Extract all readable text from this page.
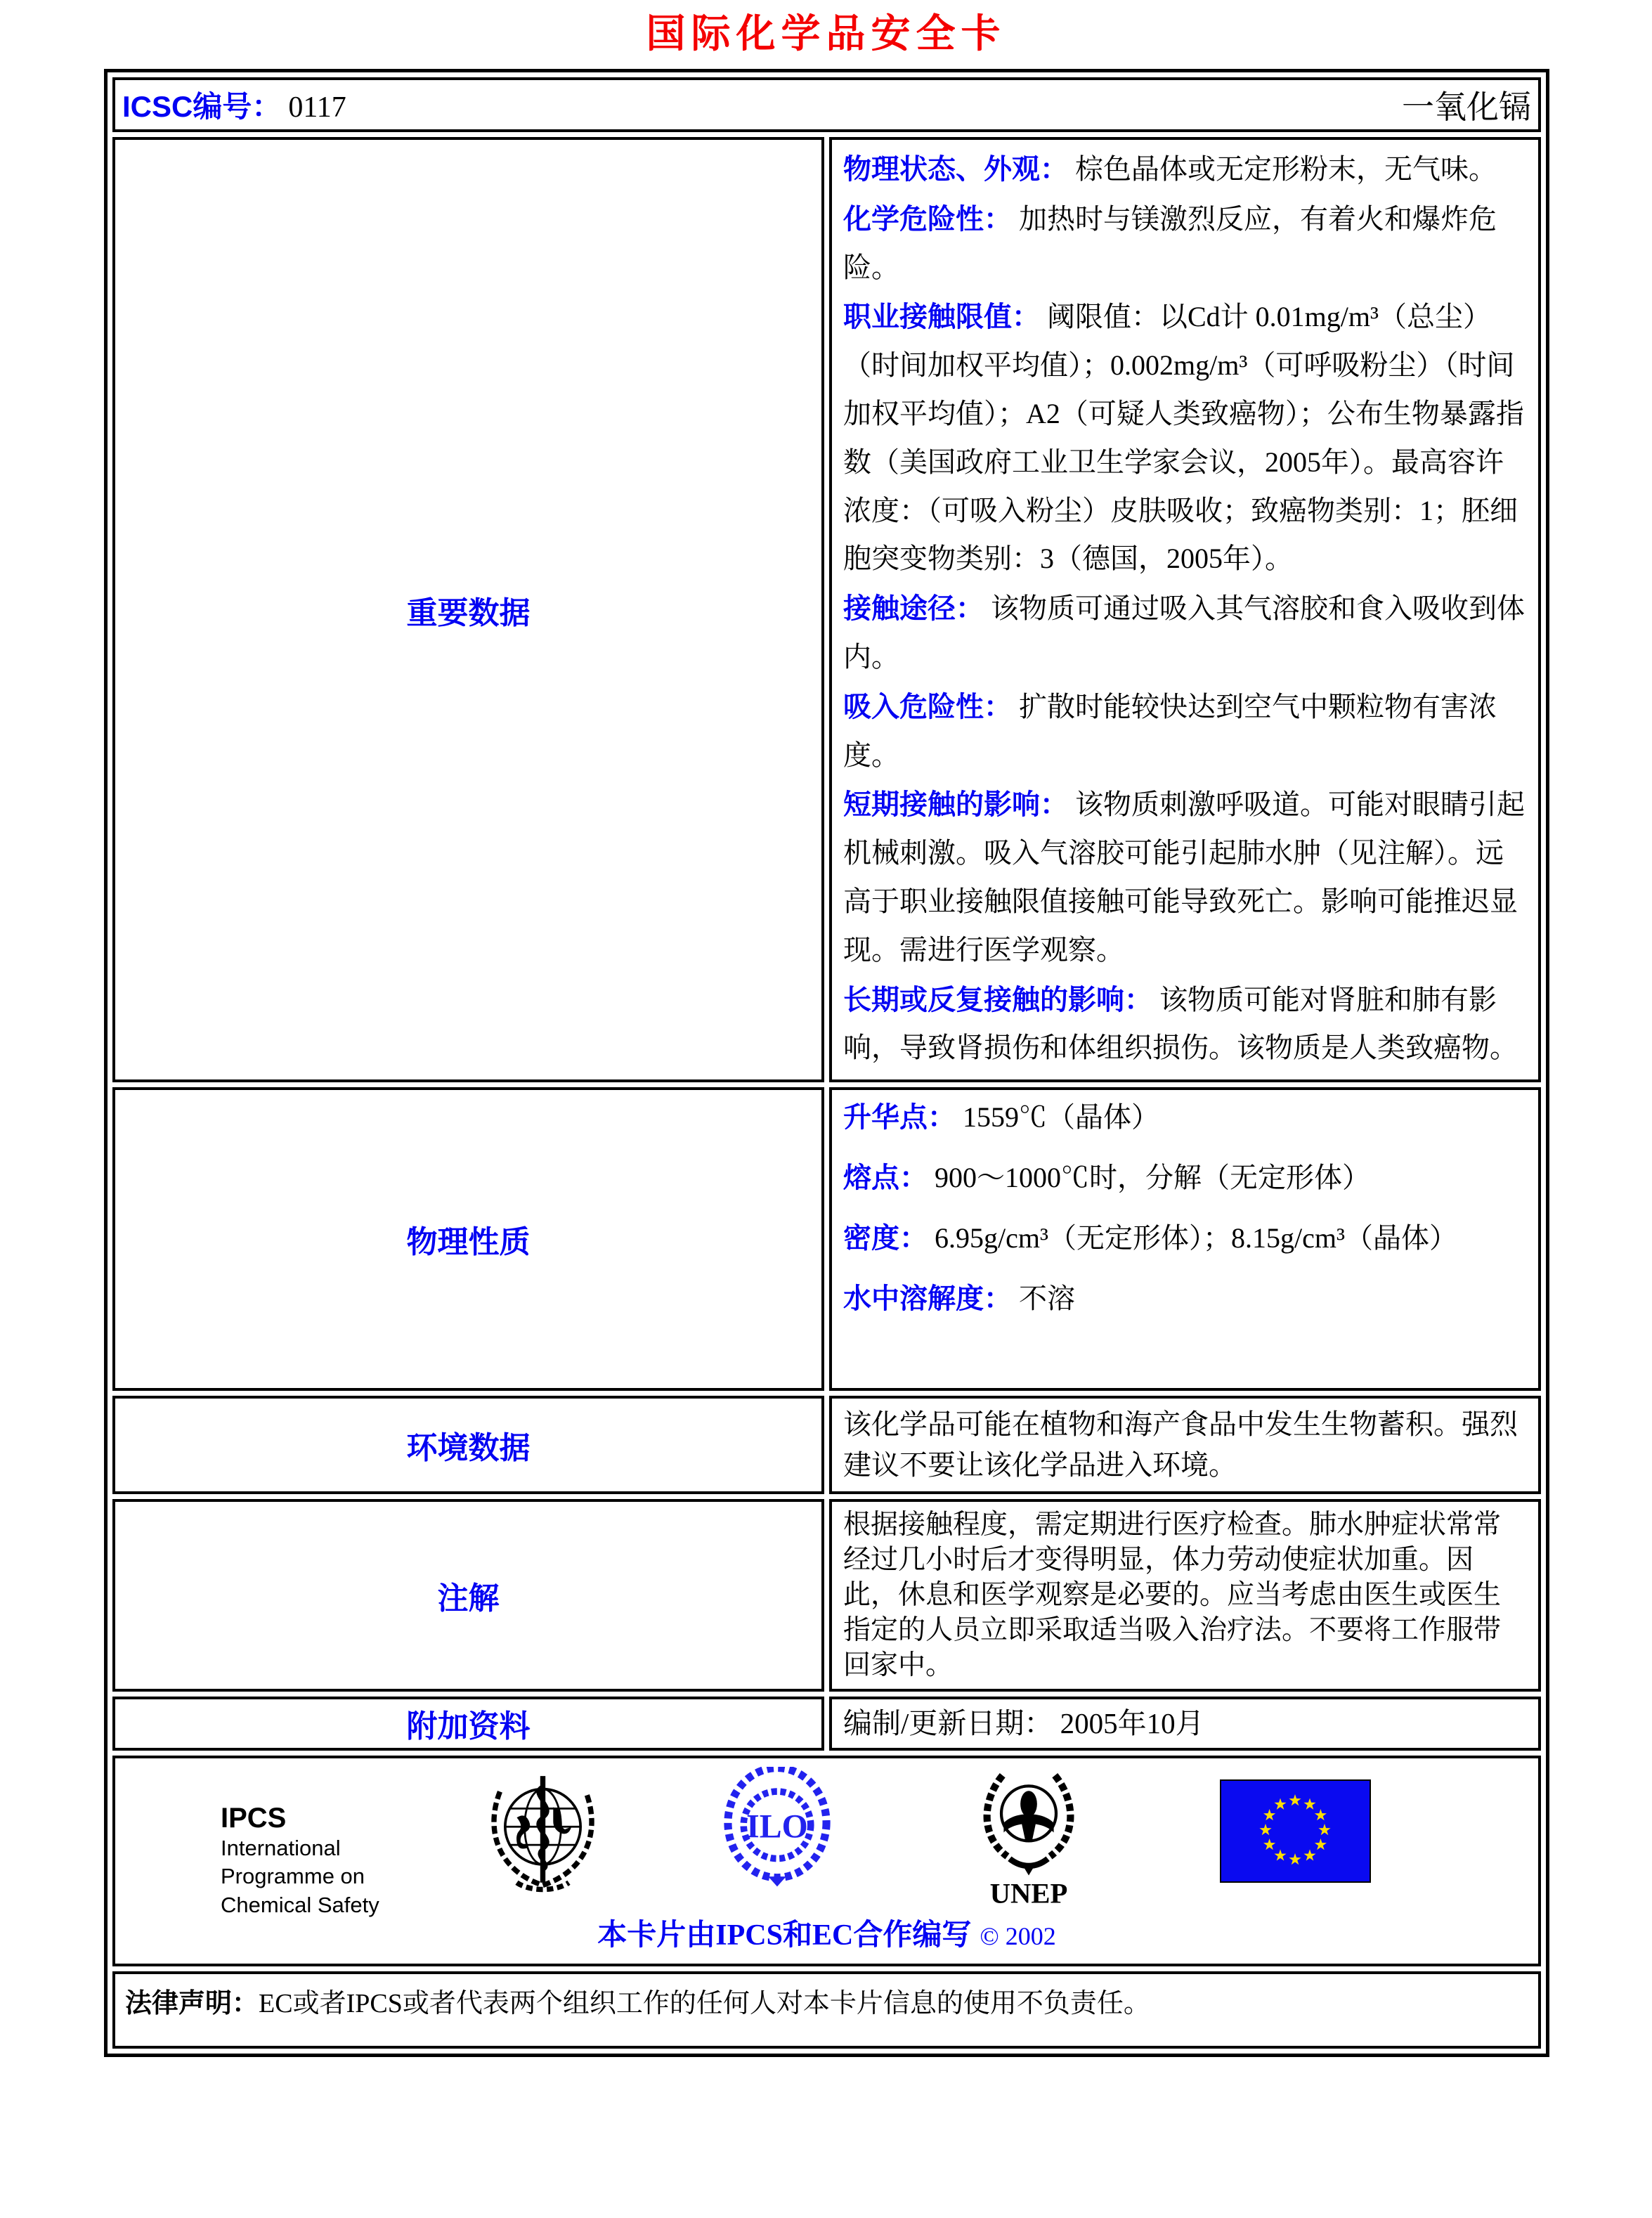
国际化学品安全卡
ICSC编号： 0117 一氧化镉	

重要数据	

物理状态、外观： 棕色晶体或无定形粉末，无气味。

化学危险性： 加热时与镁激烈反应，有着火和爆炸危险。

职业接触限值： 阈限值：以Cd计 0.01mg/m³（总尘）（时间加权平均值）；0.002mg/m³（可呼吸粉尘）（时间加权平均值）；A2（可疑人类致癌物）；公布生物暴露指数（美国政府工业卫生学家会议，2005年）。最高容许浓度：（可吸入粉尘）皮肤吸收；致癌物类别：1；胚细胞突变物类别：3（德国，2005年）。

接触途径： 该物质可通过吸入其气溶胶和食入吸收到体内。

吸入危险性： 扩散时能较快达到空气中颗粒物有害浓度。

短期接触的影响： 该物质刺激呼吸道。可能对眼睛引起机械刺激。吸入气溶胶可能引起肺水肿（见注解）。远高于职业接触限值接触可能导致死亡。影响可能推迟显现。需进行医学观察。

长期或反复接触的影响： 该物质可能对肾脏和肺有影响，导致肾损伤和体组织损伤。该物质是人类致癌物。

物理性质	升华点： 1559℃（晶体）

熔点： 900～1000℃时，分解（无定形体）

密度： 6.95g/cm³（无定形体）；8.15g/cm³（晶体）

水中溶解度： 不溶

环境数据	该化学品可能在植物和海产食品中发生生物蓄积。强烈建议不要让该化学品进入环境。

注解	根据接触程度，需定期进行医疗检查。肺水肿症状常常经过几小时后才变得明显，体力劳动使症状加重。因此，休息和医学观察是必要的。应当考虑由医生或医生指定的人员立即采取适当吸入治疗法。不要将工作服带回家中。

附加资料	编制/更新日期： 2005年10月

IPCS
International
Programme on
Chemical Safety
ILO
UNEP
本卡片由IPCS和EC合作编写 © 2002

法律声明：EC或者IPCS或者代表两个组织工作的任何人对本卡片信息的使用不负责任。	
